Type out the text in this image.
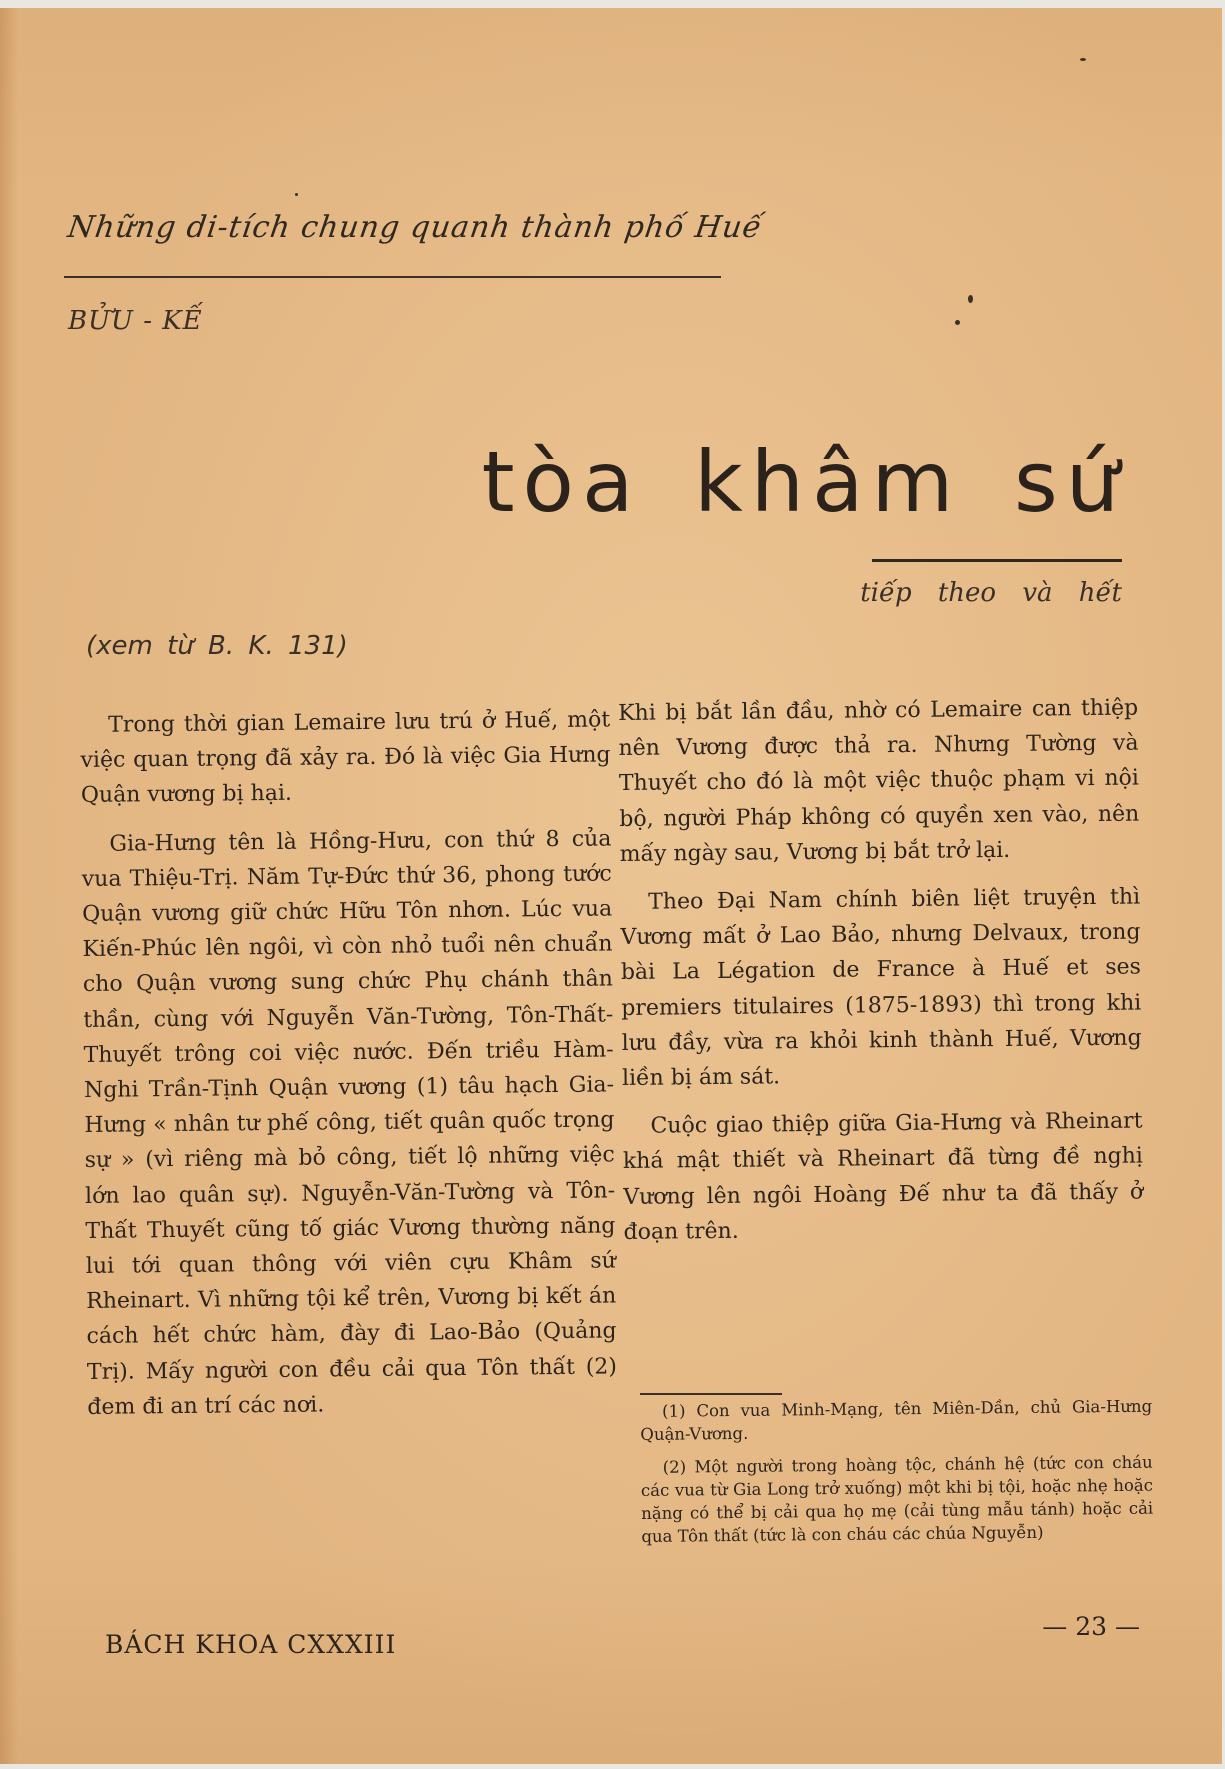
Những di-tích chung quanh thành phố Huế
BỬU - KẾ
tòa khâm sứ
tiếp theo và hết
(xem từ B. K. 131)

Trong thời gian Lemaire lưu trú ở Huế, một việc quan trọng đã xảy ra. Đó là việc Gia Hưng Quận vương bị hại.

Gia-Hưng tên là Hồng-Hưu, con thứ 8 của vua Thiệu-Trị. Năm Tự-Đức thứ 36, phong tước Quận vương giữ chức Hữu Tôn nhơn. Lúc vua Kiến-Phúc lên ngôi, vì còn nhỏ tuổi nên chuẩn cho Quận vương sung chức Phụ chánh thân thần, cùng với Nguyễn Văn-Tường, Tôn-Thất-Thuyết trông coi việc nước. Đến triều Hàm-Nghi Trần-Tịnh Quận vương (1) tâu hạch Gia-Hưng « nhân tư phế công, tiết quân quốc trọng sự » (vì riêng mà bỏ công, tiết lộ những việc lớn lao quân sự). Nguyễn-Văn-Tường và Tôn-Thất Thuyết cũng tố giác Vương thường năng lui tới quan thông với viên cựu Khâm sứ Rheinart. Vì những tội kể trên, Vương bị kết án cách hết chức hàm, đày đi Lao-Bảo (Quảng Trị). Mấy người con đều cải qua Tôn thất (2) đem đi an trí các nơi.

Khi bị bắt lần đầu, nhờ có Lemaire can thiệp nên Vương được thả ra. Nhưng Tường và Thuyết cho đó là một việc thuộc phạm vi nội bộ, người Pháp không có quyền xen vào, nên mấy ngày sau, Vương bị bắt trở lại.

Theo Đại Nam chính biên liệt truyện thì Vương mất ở Lao Bảo, nhưng Delvaux, trong bài La Légation de France à Huế et ses premiers titulaires (1875-1893) thì trong khi lưu đầy, vừa ra khỏi kinh thành Huế, Vương liền bị ám sát.

Cuộc giao thiệp giữa Gia-Hưng và Rheinart khá mật thiết và Rheinart đã từng đề nghị Vương lên ngôi Hoàng Đế như ta đã thấy ở đoạn trên.

(1) Con vua Minh-Mạng, tên Miên-Dần, chủ Gia-Hưng Quận-Vương.

(2) Một người trong hoàng tộc, chánh hệ (tức con cháu các vua từ Gia Long trở xuống) một khi bị tội, hoặc nhẹ hoặc nặng có thể bị cải qua họ mẹ (cải tùng mẫu tánh) hoặc cải qua Tôn thất (tức là con cháu các chúa Nguyễn)

BÁCH KHOA CXXXIII
— 23 —
